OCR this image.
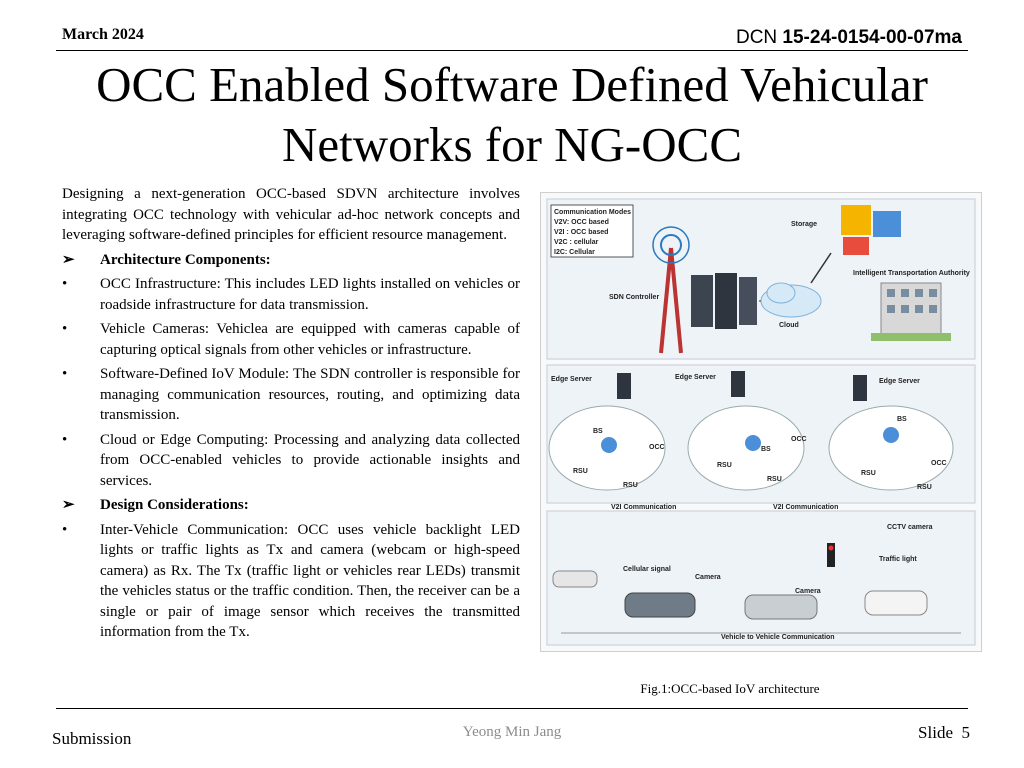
March 2024	DCN 15-24-0154-00-07ma
OCC Enabled Software Defined Vehicular
Networks for NG-OCC

Designing a next-generation OCC-based SDVN architecture involves integrating OCC technology with vehicular ad-hoc network concepts and leveraging software-defined principles for efficient resource management.

➢	Architecture Components:
•	OCC Infrastructure: This includes LED lights installed on vehicles or roadside infrastructure for data transmission.
•	Vehicle Cameras: Vehiclea are equipped with cameras capable of capturing optical signals from other vehicles or infrastructure.
•	Software-Defined IoV Module: The SDN controller is responsible for managing communication resources, routing, and optimizing data transmission.
•	Cloud or Edge Computing: Processing and analyzing data collected from OCC-enabled vehicles to provide actionable insights and services.
➢	Design Considerations:
•	Inter-Vehicle Communication: OCC uses vehicle backlight LED lights or traffic lights as Tx and camera (webcam or high-speed camera) as Rx. The Tx (traffic light or vehicles rear LEDs) transmit the vehicles status or the traffic condition. Then, the receiver can be a single or pair of image sensor which receives the transmitted information from the Tx.
Communication Modes
V2V: OCC based
V2I : OCC based
V2C : cellular
I2C: Cellular
SDN Controller
Storage
Cloud
Intelligent Transportation Authority
Edge Server	Edge Server
Edge Server
BS
OCC
RSU
RSU
BS
OCC
RSU
RSU
BS
OCC
RSU
RSU
V2I Communication	V2I Communication
CCTV camera
Traffic light
Cellular signal
Camera
Camera
Vehicle to Vehicle Communication
Fig.1:OCC-based IoV architecture
Submission	Yeong Min Jang	Slide 5
